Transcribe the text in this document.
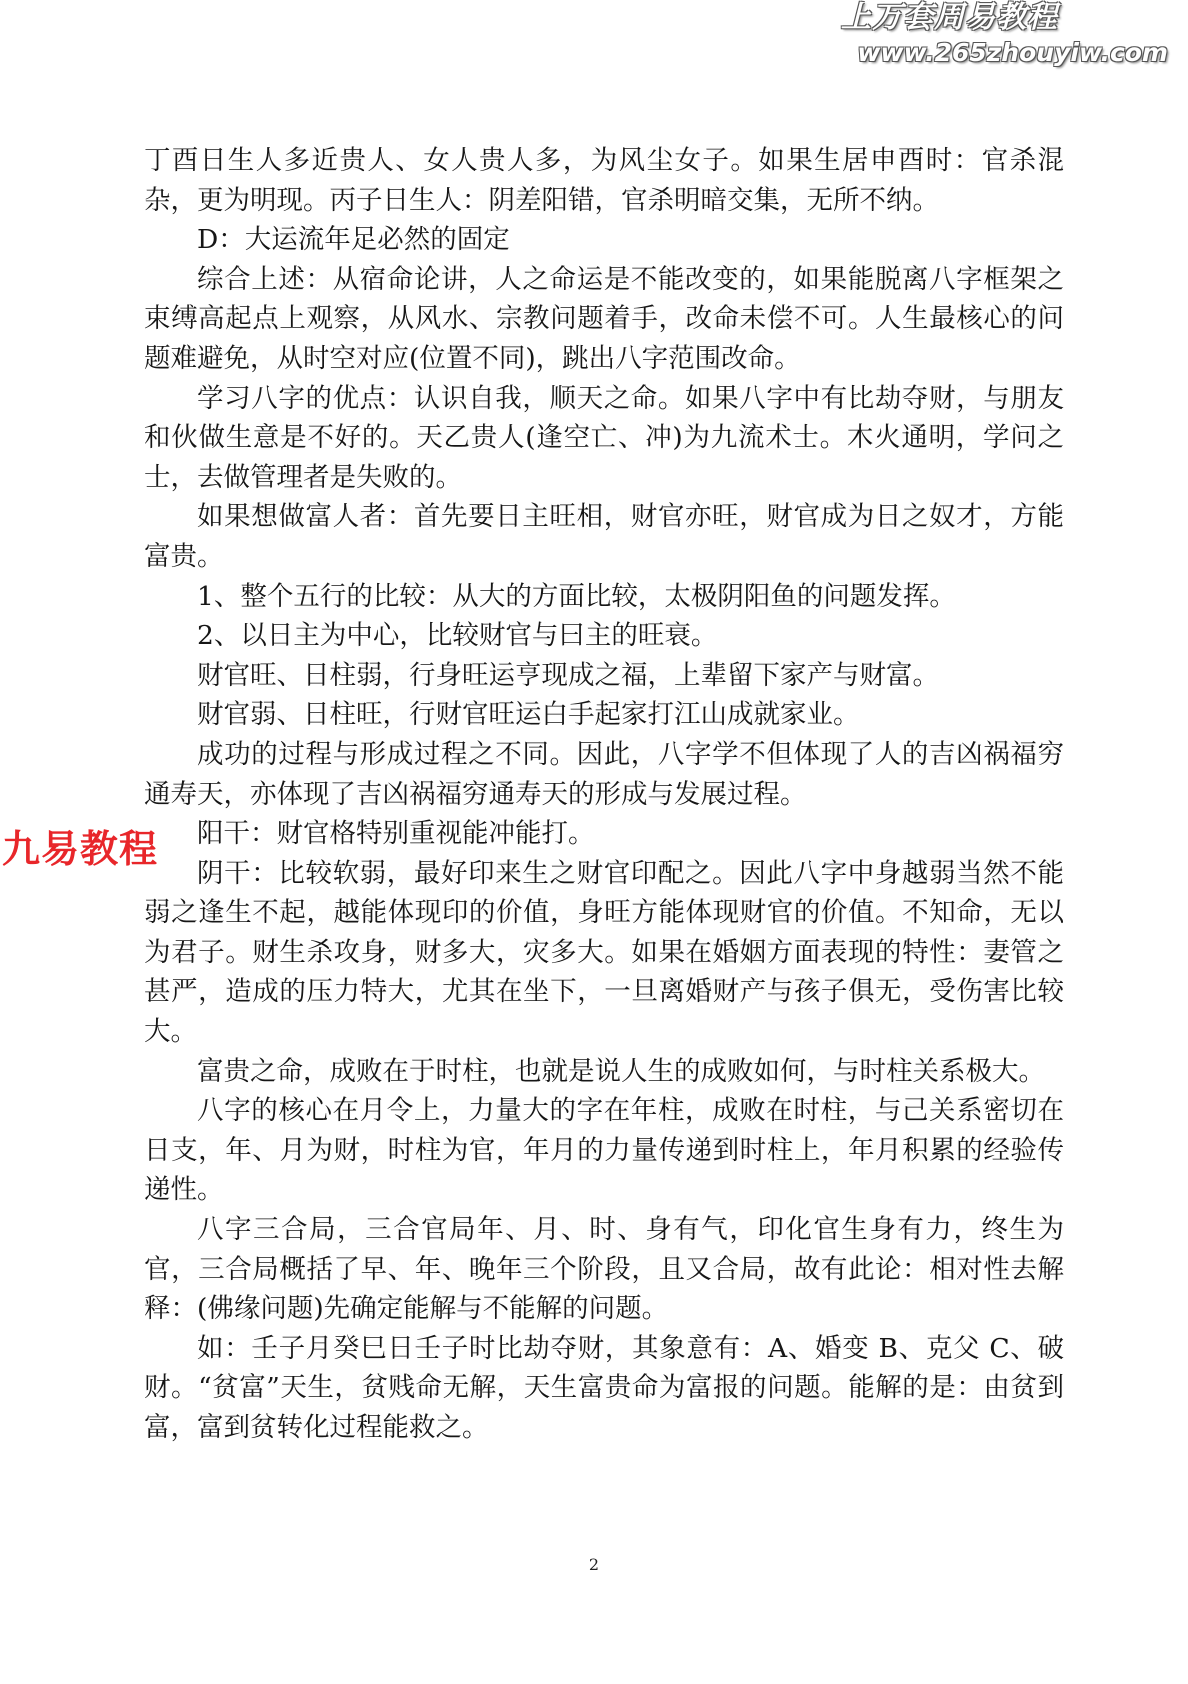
上万套周易教程
www.265zhouyiw.com
九易教程

丁酉日生人多近贵人、女人贵人多，为风尘女子。如果生居申酉时：官杀混杂，更为明现。丙子日生人：阴差阳错，官杀明暗交集，无所不纳。

D：大运流年足必然的固定

综合上述：从宿命论讲，人之命运是不能改变的，如果能脱离八字框架之束缚高起点上观察，从风水、宗教问题着手，改命未偿不可。人生最核心的问题难避免，从时空对应(位置不同)，跳出八字范围改命。

学习八字的优点：认识自我，顺天之命。如果八字中有比劫夺财，与朋友和伙做生意是不好的。天乙贵人(逢空亡、冲)为九流术士。木火通明，学问之士，去做管理者是失败的。

如果想做富人者：首先要日主旺相，财官亦旺，财官成为日之奴才，方能富贵。

1、整个五行的比较：从大的方面比较，太极阴阳鱼的问题发挥。

2、以日主为中心，比较财官与曰主的旺衰。

财官旺、日柱弱，行身旺运亨现成之福，上辈留下家产与财富。

财官弱、日柱旺，行财官旺运白手起家打江山成就家业。

成功的过程与形成过程之不同。因此，八字学不但体现了人的吉凶祸福穷通寿天，亦体现了吉凶祸福穷通寿天的形成与发展过程。

阳干：财官格特别重视能冲能打。

阴干：比较软弱，最好印来生之财官印配之。因此八字中身越弱当然不能弱之逢生不起，越能体现印的价值，身旺方能体现财官的价值。不知命，无以为君子。财生杀攻身，财多大，灾多大。如果在婚姻方面表现的特性：妻管之甚严，造成的压力特大，尤其在坐下，一旦离婚财产与孩子俱无，受伤害比较大。

富贵之命，成败在于时柱，也就是说人生的成败如何，与时柱关系极大。

八字的核心在月令上，力量大的字在年柱，成败在时柱，与己关系密切在日支，年、月为财，时柱为官，年月的力量传递到时柱上，年月积累的经验传递性。

八字三合局，三合官局年、月、时、身有气，印化官生身有力，终生为官，三合局概括了早、年、晚年三个阶段，且又合局，故有此论：相对性去解释：(佛缘问题)先确定能解与不能解的问题。

如：壬子月癸巳日壬子时比劫夺财，其象意有：A、婚变 B、克父 C、破财。“贫富”天生，贫贱命无解，天生富贵命为富报的问题。能解的是：由贫到富，富到贫转化过程能救之。

2
